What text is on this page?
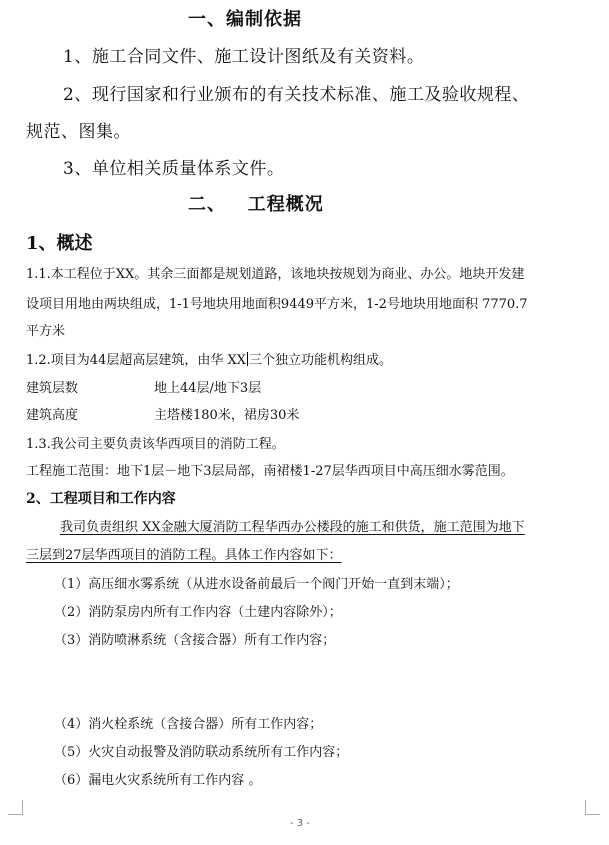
一、编制依据
1、施工合同文件、施工设计图纸及有关资料。
2、现行国家和行业颁布的有关技术标准、施工及验收规程、
规范、图集。
3、单位相关质量体系文件。
二、   工程概况
1、概述
1.1.本工程位于XX。其余三面都是规划道路，该地块按规划为商业、办公。地块开发建
设项目用地由两块组成，1-1号地块用地面积9449平方米，1-2号地块用地面积 7770.7
平方米
1.2.项目为44层超高层建筑，由华 XX 三个独立功能机构组成。
建筑层数	地上44层/地下3层
建筑高度	主塔楼180米，裙房30米
1.3.我公司主要负责该华西项目的消防工程。
工程施工范围：地下1层－地下3层局部，南裙楼1-27层华西项目中高压细水雾范围。
2、工程项目和工作内容
我司负责组织 XX金融大厦消防工程华西办公楼段的施工和供货，施工范围为地下
三层到27层华西项目的消防工程。具体工作内容如下：
（1）高压细水雾系统（从进水设备前最后一个阀门开始一直到末端）；
（2）消防泵房内所有工作内容（土建内容除外）；
（3）消防喷淋系统（含接合器）所有工作内容；
（4）消火栓系统（含接合器）所有工作内容；
（5）火灾自动报警及消防联动系统所有工作内容；
（6）漏电火灾系统所有工作内容 。
- 3 -
